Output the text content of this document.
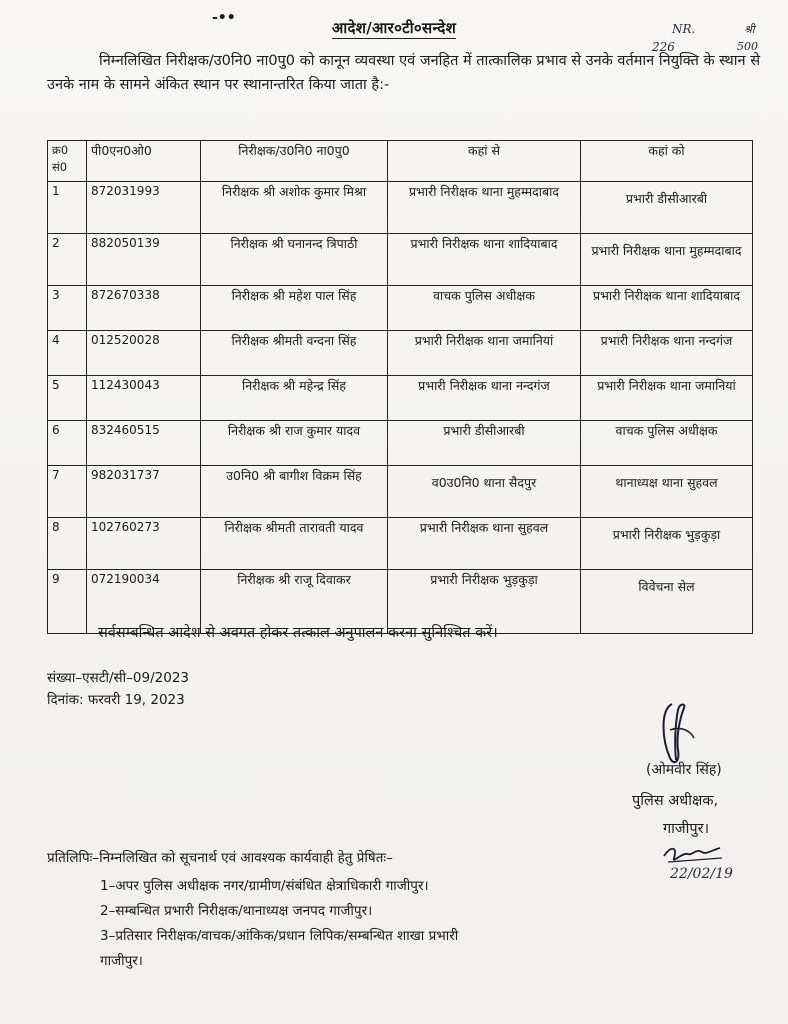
-••
आदेश/आर०टी०सन्देश	NR.
226
श्री
500
निम्नलिखित निरीक्षक/उ0नि0 ना0पु0 को कानून व्यवस्था एवं जनहित में तात्कालिक प्रभाव से उनके वर्तमान नियुक्ति के स्थान से उनके नाम के सामने अंकित स्थान पर स्थानान्तरित किया जाता है:-
क्र0 सं0	पी0एन0ओ0	निरीक्षक/उ0नि0 ना0पु0	कहां से	कहां को
1	872031993	निरीक्षक श्री अशोक कुमार मिश्रा	प्रभारी निरीक्षक थाना मुहम्मदाबाद	प्रभारी डीसीआरबी
2	882050139	निरीक्षक श्री घनानन्द त्रिपाठी	प्रभारी निरीक्षक थाना शादियाबाद	प्रभारी निरीक्षक थाना मुहम्मदाबाद
3	872670338	निरीक्षक श्री महेश पाल सिंह	वाचक पुलिस अधीक्षक	प्रभारी निरीक्षक थाना शादियाबाद
4	012520028	निरीक्षक श्रीमती वन्दना सिंह	प्रभारी निरीक्षक थाना जमानियां	प्रभारी निरीक्षक थाना नन्दगंज
5	112430043	निरीक्षक श्री महेन्द्र सिंह	प्रभारी निरीक्षक थाना नन्दगंज	प्रभारी निरीक्षक थाना जमानियां
6	832460515	निरीक्षक श्री राज कुमार यादव	प्रभारी डीसीआरबी	वाचक पुलिस अधीक्षक
7	982031737	उ0नि0 श्री बागीश विक्रम सिंह	व0उ0नि0 थाना सैदपुर	थानाध्यक्ष थाना सुहवल
8	102760273	निरीक्षक श्रीमती तारावती यादव	प्रभारी निरीक्षक थाना सुहवल	प्रभारी निरीक्षक भुड़कुड़ा
9	072190034	निरीक्षक श्री राजू दिवाकर	प्रभारी निरीक्षक भुड़कुड़ा	विवेचना सेल
सर्वसम्बन्धित आदेश से अवगत होकर तत्काल अनुपालन करना सुनिश्चित करें।
संख्या–एसटी/सी–09/2023
दिनांक: फरवरी 19, 2023
(ओमवीर सिंह)
पुलिस अधीक्षक,
गाजीपुर।
22/02/19
प्रतिलिपिः–निम्नलिखित को सूचनार्थ एवं आवश्यक कार्यवाही हेतु प्रेषितः–
1–अपर पुलिस अधीक्षक नगर/ग्रामीण/संबंधित क्षेत्राधिकारी गाजीपुर।
2–सम्बन्धित प्रभारी निरीक्षक/थानाध्यक्ष जनपद गाजीपुर।
3–प्रतिसार निरीक्षक/वाचक/आंकिक/प्रधान लिपिक/सम्बन्धित शाखा प्रभारी
गाजीपुर।
